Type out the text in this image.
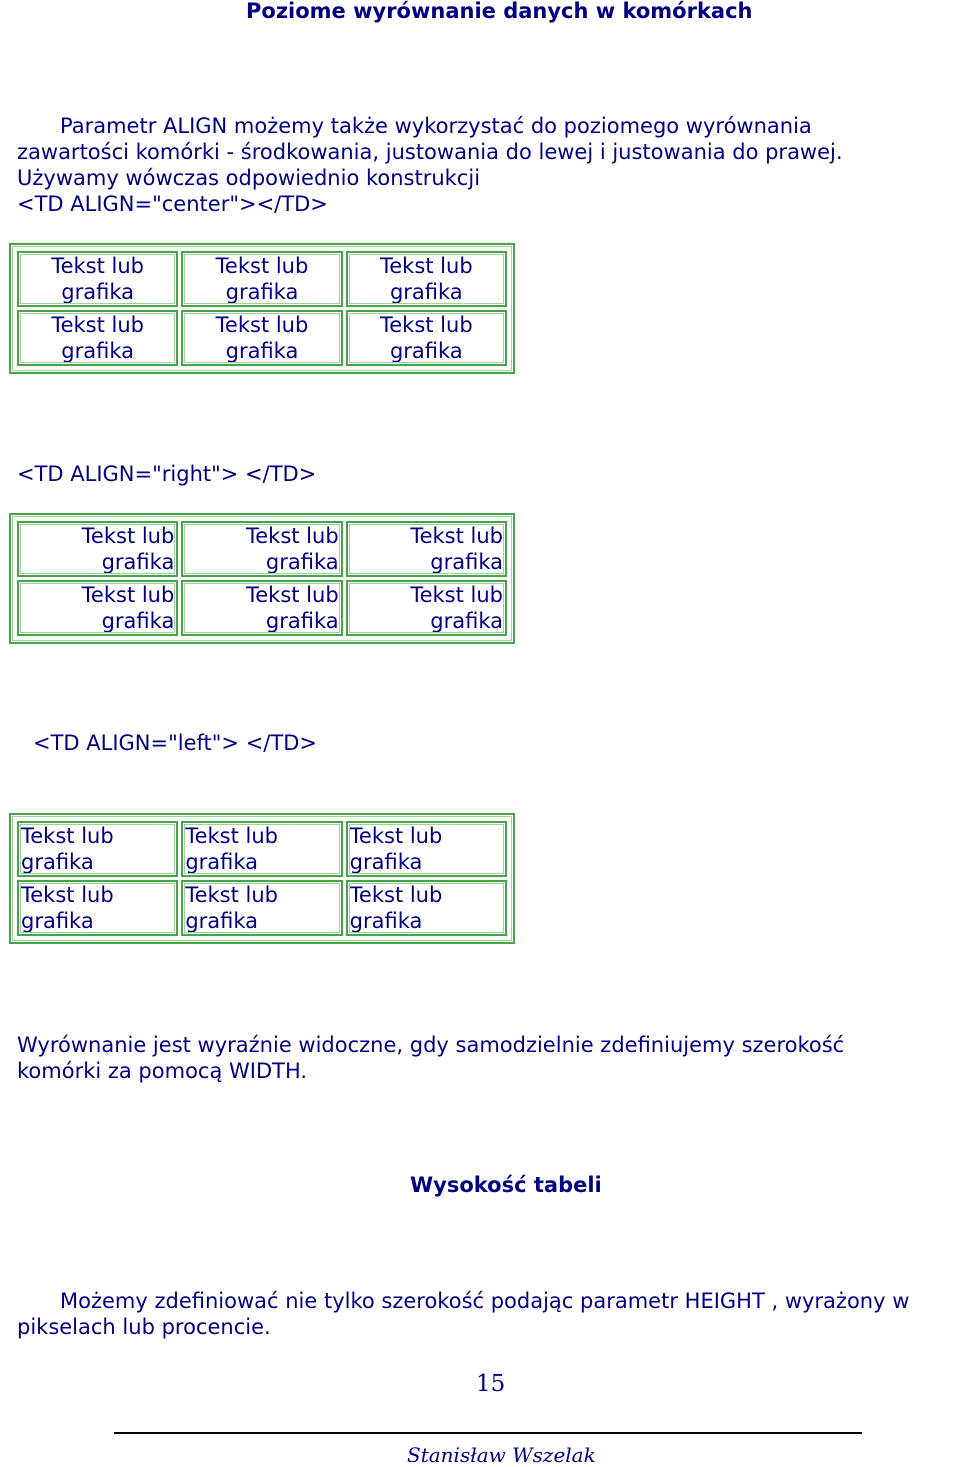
Poziome wyrównanie danych w komórkach
Parametr ALIGN możemy także wykorzystać do poziomego wyrównania
zawartości komórki - środkowania, justowania do lewej i justowania do prawej.
Używamy wówczas odpowiednio konstrukcji
<TD ALIGN="center"></TD>
Tekst lub grafika	Tekst lub grafika	Tekst lub grafika
Tekst lub grafika	Tekst lub grafika	Tekst lub grafika
<TD ALIGN="right"> </TD>
Tekst lub grafika	Tekst lub grafika	Tekst lub grafika
Tekst lub grafika	Tekst lub grafika	Tekst lub grafika
<TD ALIGN="left"> </TD>
Tekst lub grafika	Tekst lub grafika	Tekst lub grafika
Tekst lub grafika	Tekst lub grafika	Tekst lub grafika
Wyrównanie jest wyraźnie widoczne, gdy samodzielnie zdefiniujemy szerokość
komórki za pomocą WIDTH.
Wysokość tabeli
Możemy zdefiniować nie tylko szerokość podając parametr HEIGHT , wyrażony w
pikselach lub procencie.
15
Stanisław Wszelak
